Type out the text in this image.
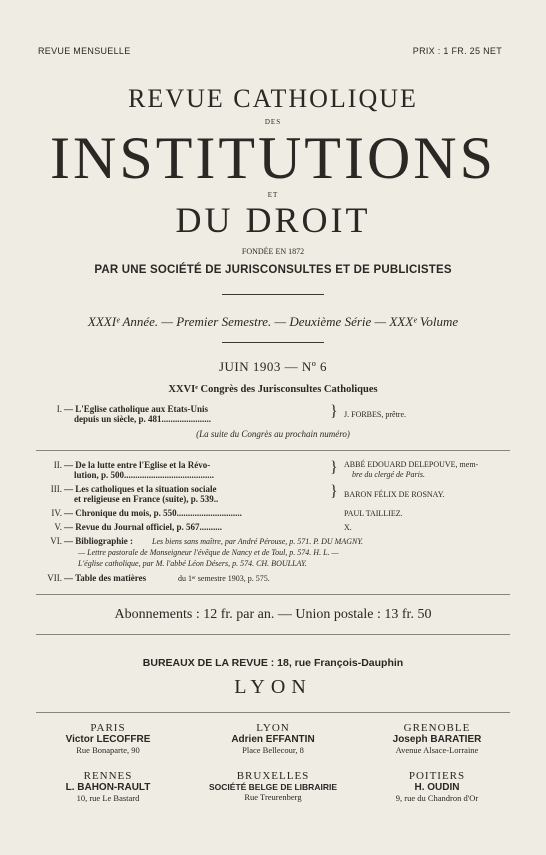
REVUE MENSUELLE	PRIX : 1 FR. 25 NET
REVUE CATHOLIQUE
DES
INSTITUTIONS
ET
DU DROIT
FONDÉE EN 1872
PAR UNE SOCIÉTÉ DE JURISCONSULTES ET DE PUBLICISTES
XXXIᵉ Année. — Premier Semestre. — Deuxième Série — XXXᵉ Volume
JUIN 1903 — Nº 6
XXVIᵉ Congrès des Jurisconsultes Catholiques
I. — L'Eglise catholique aux Etats-Unis
depuis un siècle, p. 481......................	} J. FORBES, prêtre.
(La suite du Congrès au prochain numéro)
II. — De la lutte entre l'Eglise et la Révo-
lution, p. 500........................................	} ABBÉ EDOUARD DELEPOUVE, mem-
bre du clergé de Paris.
III. — Les catholiques et la situation sociale
et religieuse en France (suite), p. 539..	} BARON FÉLIX DE ROSNAY.
IV. — Chronique du mois, p. 550.............................	PAUL TAILLIEZ.
V. — Revue du Journal officiel, p. 567..........	X.
VI. — Bibliographie : Les biens sans maître, par André Pérouse, p. 571. P. DU MAGNY.
— Lettre pastorale de Monseigneur l'évêque de Nancy et de Toul, p. 574. H. L. —
L'église catholique, par M. l'abbé Léon Désers, p. 574. CH. BOULLAY.
VII. — Table des matières	du 1ᵉʳ semestre 1903, p. 575.
Abonnements : 12 fr. par an. — Union postale : 13 fr. 50
BUREAUX DE LA REVUE : 18, rue François-Dauphin
LYON
PARIS
Victor LECOFFRE
Rue Bonaparte, 90
LYON
Adrien EFFANTIN
Place Bellecour, 8
GRENOBLE
Joseph BARATIER
Avenue Alsace-Lorraine
RENNES
L. BAHON-RAULT
10, rue Le Bastard
BRUXELLES
SOCIÉTÉ BELGE DE LIBRAIRIE
Rue Treurenberg
POITIERS
H. OUDIN
9, rue du Chandron d'Or
